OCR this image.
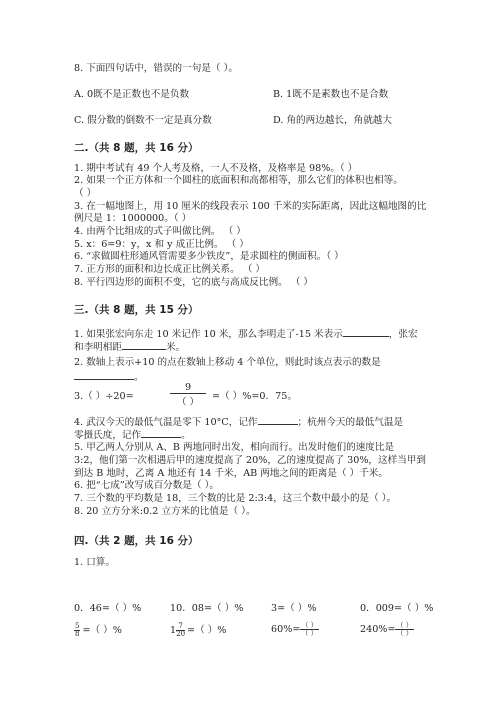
8. 下面四句话中，错误的一句是（ ）。
A. 0既不是正数也不是负数	B. 1既不是素数也不是合数
C. 假分数的倒数不一定是真分数	D. 角的两边越长，角就越大
二.（共 8 题，共 16 分）
1. 期中考试有 49 个人考及格，一人不及格，及格率是 98%。（ ）
2. 如果一个正方体和一个圆柱的底面积和高都相等，那么它们的体积也相等。
（ ）
3. 在一幅地图上，用 10 厘米的线段表示 100 千米的实际距离，因此这幅地图的比
例尺是 1：1000000。（ ）
4. 由两个比组成的式子叫做比例。 （ ）
5. x：6=9：y，x 和 y 成正比例。 （ ）
6. “求做圆柱形通风管需要多少铁皮”，是求圆柱的侧面积。（ ）
7. 正方形的面积和边长成正比例关系。 （ ）
8. 平行四边形的面积不变，它的底与高成反比例。 （ ）
三.（共 8 题，共 15 分）
1. 如果张宏向东走 10 米记作 10 米，那么李明走了-15 米表示	，张宏
和李明相距	米。
2. 数轴上表示+10 的点在数轴上移动 4 个单位，则此时该点表示的数是
。
3.（ ）÷20=
9
（ ）
=（ ）%=0．75。
4. 武汉今天的最低气温是零下 10°C，记作	；杭州今天的最低气温是
零摄氏度，记作	。
5. 甲乙两人分别从 A、B 两地同时出发，相向而行。出发时他们的速度比是
3:2，他们第一次相遇后甲的速度提高了 20%，乙的速度提高了 30%，这样当甲到
到达 B 地时，乙离 A 地还有 14 千米，AB 两地之间的距离是（ ）千米。
6. 把“七成”改写成百分数是（ ）。
7. 三个数的平均数是 18，三个数的比是 2:3:4，这三个数中最小的是（ ）。
8. 20 立方分米:0.2 立方米的比值是（ ）。
四.（共 2 题，共 16 分）
1. 口算。
0．46=（ ）%	10．08=（ ）%	3=（ ）%	0．009=（ ）%
$\frac{5}{8}$ =（ ）%	$1 \frac{7}{20}$ =（ ）%	$60\%= \frac{( )}{( )}$	$240\%= \frac{( )}{( )}$
